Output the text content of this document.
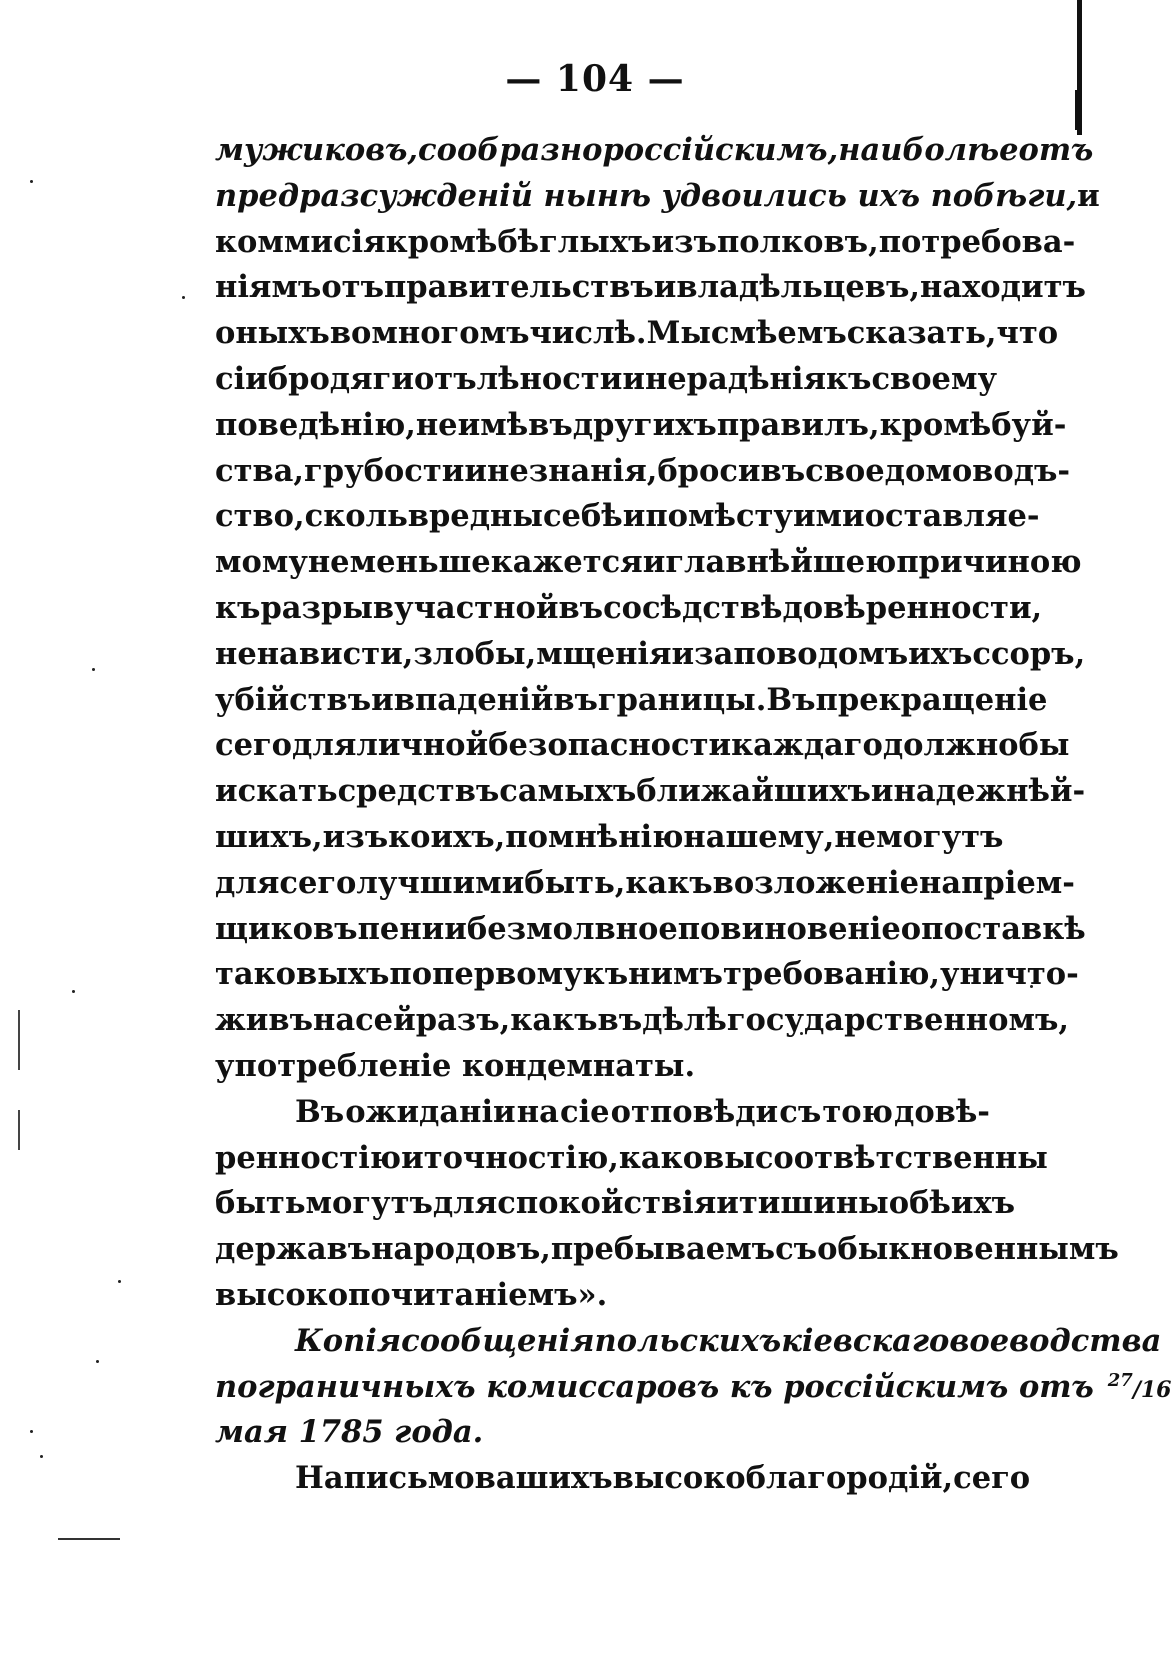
— 104 —
мужиковъ, сообразно россійскимъ, наиболѣе отъ
предразсужденій нынѣ удвоились ихъ побѣги, и
коммисія кромѣ бѣглыхъ изъ полковъ, по требова-
ніямъ отъ правительствъ и владѣльцевъ, находитъ
оныхъ во многомъ числѣ. Мы смѣемъ сказать, что
сіи бродяги отъ лѣности и нерадѣнія къ своему
поведѣнію, не имѣвъ другихъ правилъ, кромѣ буй-
ства, грубости и незнанія, бросивъ свое домоводъ-
ство, сколь вредны себѣ и по мѣсту ими оставляе-
мому не меньше кажется и главнѣйшею причиною
къ разрыву частной въ сосѣдствѣ довѣренности,
ненависти, злобы, мщенія и за поводомъ ихъ ссоръ,
убійствъ и впаденій въ границы. Въ прекращеніе
сего для личной безопасности каждаго должно бы
искать средствъ самыхъ ближайшихъ и надежнѣй-
шихъ, изъ коихъ, по мнѣнію нашему, не могутъ
для сего лучшими быть, какъ возложеніе на пріем-
щиковъ пени и безмолвное повиновеніе о поставкѣ
таковыхъ по первому къ нимъ требованію, уничто-
живъ на сей разъ, какъ въ дѣлѣ государственномъ,
употребленіе кондемнаты.
Въ ожиданіи на сіе отповѣди съ тою довѣ-
ренностію и точностію, каковы соотвѣтственны
быть могутъ для спокойствія и тишины обѣихъ
державъ народовъ, пребываемъ съ обыкновеннымъ
высокопочитаніемъ».
Копія сообщенія польскихъ кіевскаго воеводства
пограничныхъ комиссаровъ къ россійскимъ отъ $^{27}$/16
мая 1785 года.
На письмо вашихъ высокоблагородій, сего
